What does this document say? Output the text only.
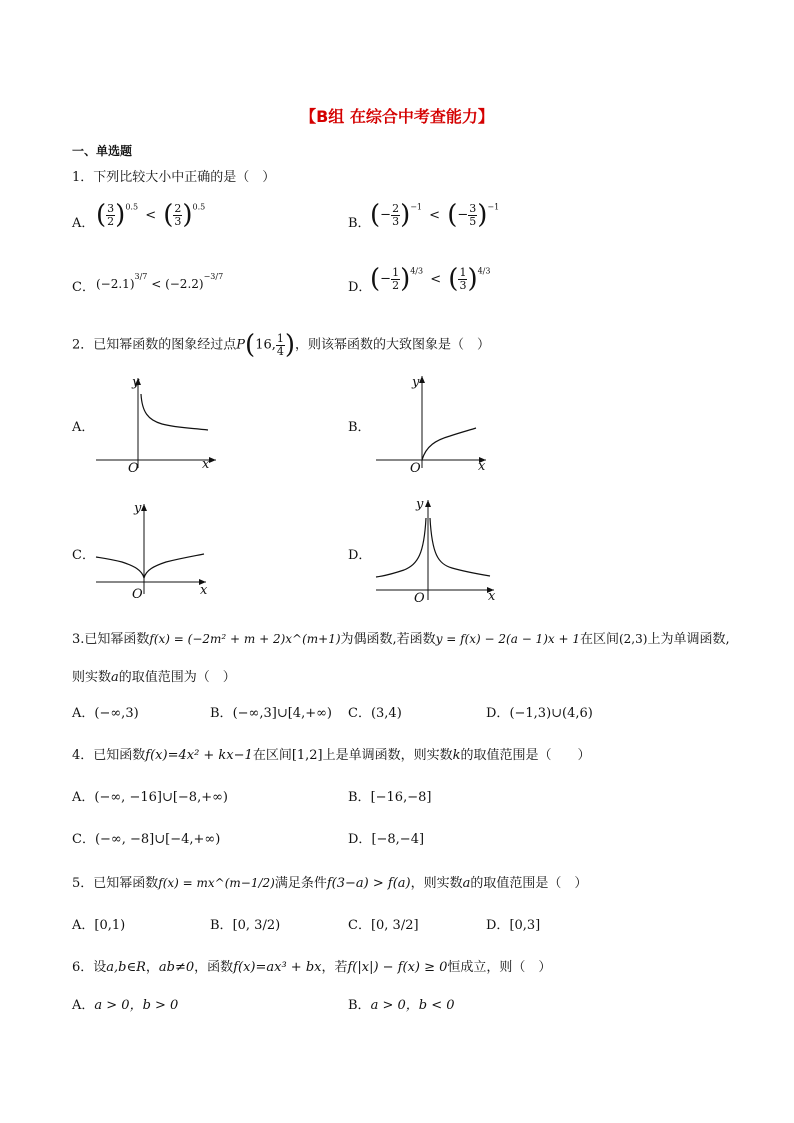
【B组 在综合中考查能力】
一、单选题
1．下列比较大小中正确的是（　）
A． ( $\frac{3}{2} )^{0.5}$ < ( $\frac{2}{3} )^{0.5}$
B． (− $\frac{2}{3} )^{-1}$ < (− $\frac{3}{5} )^{-1}$
C． $(-2.1)^{3/7} < (-2.2)^{-3/7}$
D．
(− $\frac{1}{2} )^{4/3}$ < ( $\frac{1}{3} )^{4/3}$
2．已知幂函数的图象经过点P(16, $\frac{1}{4}$ )，则该幂函数的大致图象是（　）
A．
y
x
O
B．
y
x
O
C．
y
x
O
D．
y
x
O
3.已知幂函数f(x) = (−2m² + m + 2)x^(m+1)为偶函数,若函数y = f(x) − 2(a − 1)x + 1在区间(2,3)上为单调函数,
则实数a的取值范围为（　）
A．(−∞,3)	B．(−∞,3]∪[4,+∞) C．(3,4)	D．(−1,3)∪(4,6)
4．已知函数f(x)=4x² + kx−1在区间[1,2]上是单调函数，则实数k的取值范围是（　　）
A．(−∞, −16]∪[−8,+∞)	B．[−16,−8]
C．(−∞, −8]∪[−4,+∞)	D．[−8,−4]
5．已知幂函数f(x) = mx^(m−1/2)满足条件f(3−a) > f(a)，则实数a的取值范围是（　）
A．[0,1)	B．[0, 3/2)	C．[0, 3/2]	D．[0,3]
6．设a,b∈R，ab≠0，函数f(x)=ax³ + bx，若f(|x|) − f(x) ≥ 0恒成立，则（　）
A．a > 0，b > 0	B．a > 0，b < 0
